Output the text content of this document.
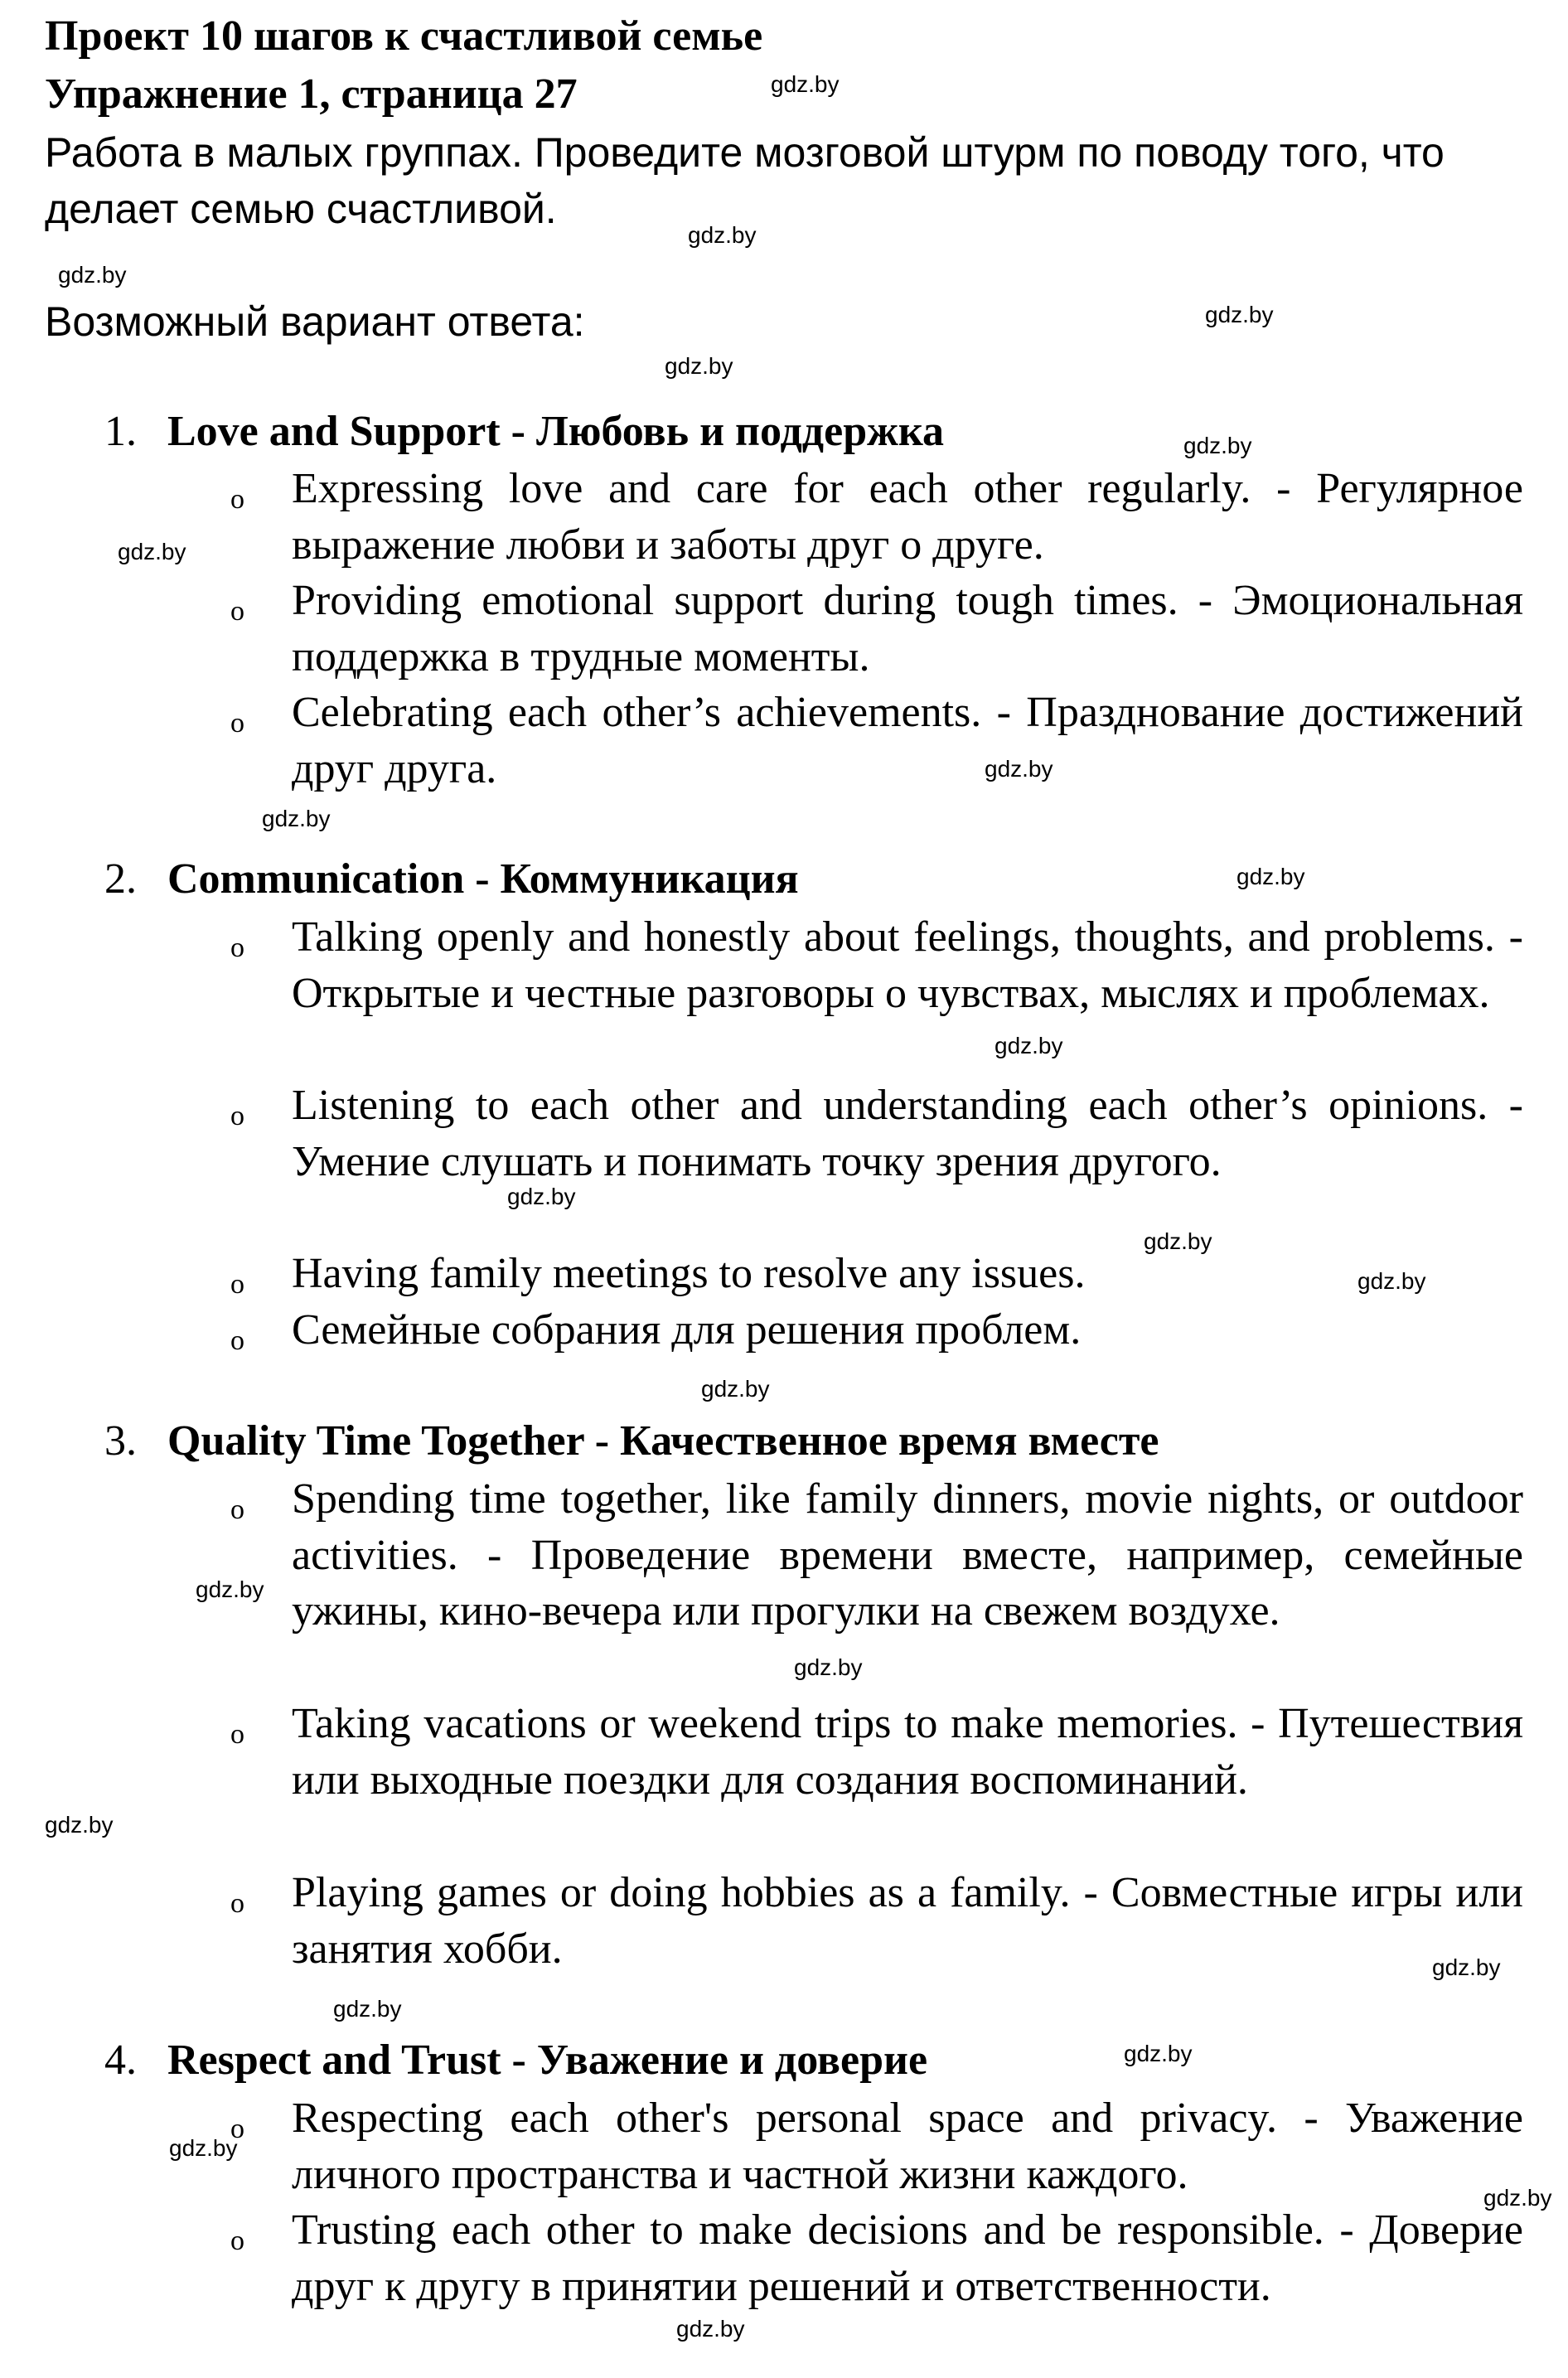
Проект 10 шагов к счастливой семье
Упражнение 1, страница 27
Работа в малых группах. Проведите мозговой штурм по поводу того, что делает семью счастливой.
Возможный вариант ответа:
1. Love and Support - Любовь и поддержка
o Expressing love and care for each other regularly. - Регулярное выражение любви и заботы друг о друге.

o Providing emotional support during tough times. - Эмоциональная поддержка в трудные моменты.

o Celebrating each other’s achievements. - Празднование достижений друг друга.

2. Communication - Коммуникация
o Talking openly and honestly about feelings, thoughts, and problems. - Открытые и честные разговоры о чувствах, мыслях и проблемах.

o Listening to each other and understanding each other’s opinions. - Умение слушать и понимать точку зрения другого.

o Having family meetings to resolve any issues.

o Семейные собрания для решения проблем.

3. Quality Time Together - Качественное время вместе
o Spending time together, like family dinners, movie nights, or outdoor activities. - Проведение времени вместе, например, семейные ужины, кино-вечера или прогулки на свежем воздухе.

o Taking vacations or weekend trips to make memories. - Путешествия или выходные поездки для создания воспоминаний.

o Playing games or doing hobbies as a family. - Совместные игры или занятия хобби.

4. Respect and Trust - Уважение и доверие
o Respecting each other's personal space and privacy. - Уважение личного пространства и частной жизни каждого.

o Trusting each other to make decisions and be responsible. - Доверие друг к другу в принятии решений и ответственности.

gdz.by
gdz.by
gdz.by
gdz.by
gdz.by
gdz.by
gdz.by
gdz.by
gdz.by
gdz.by
gdz.by
gdz.by
gdz.by
gdz.by
gdz.by
gdz.by
gdz.by
gdz.by
gdz.by
gdz.by
gdz.by
gdz.by
gdz.by
gdz.by
